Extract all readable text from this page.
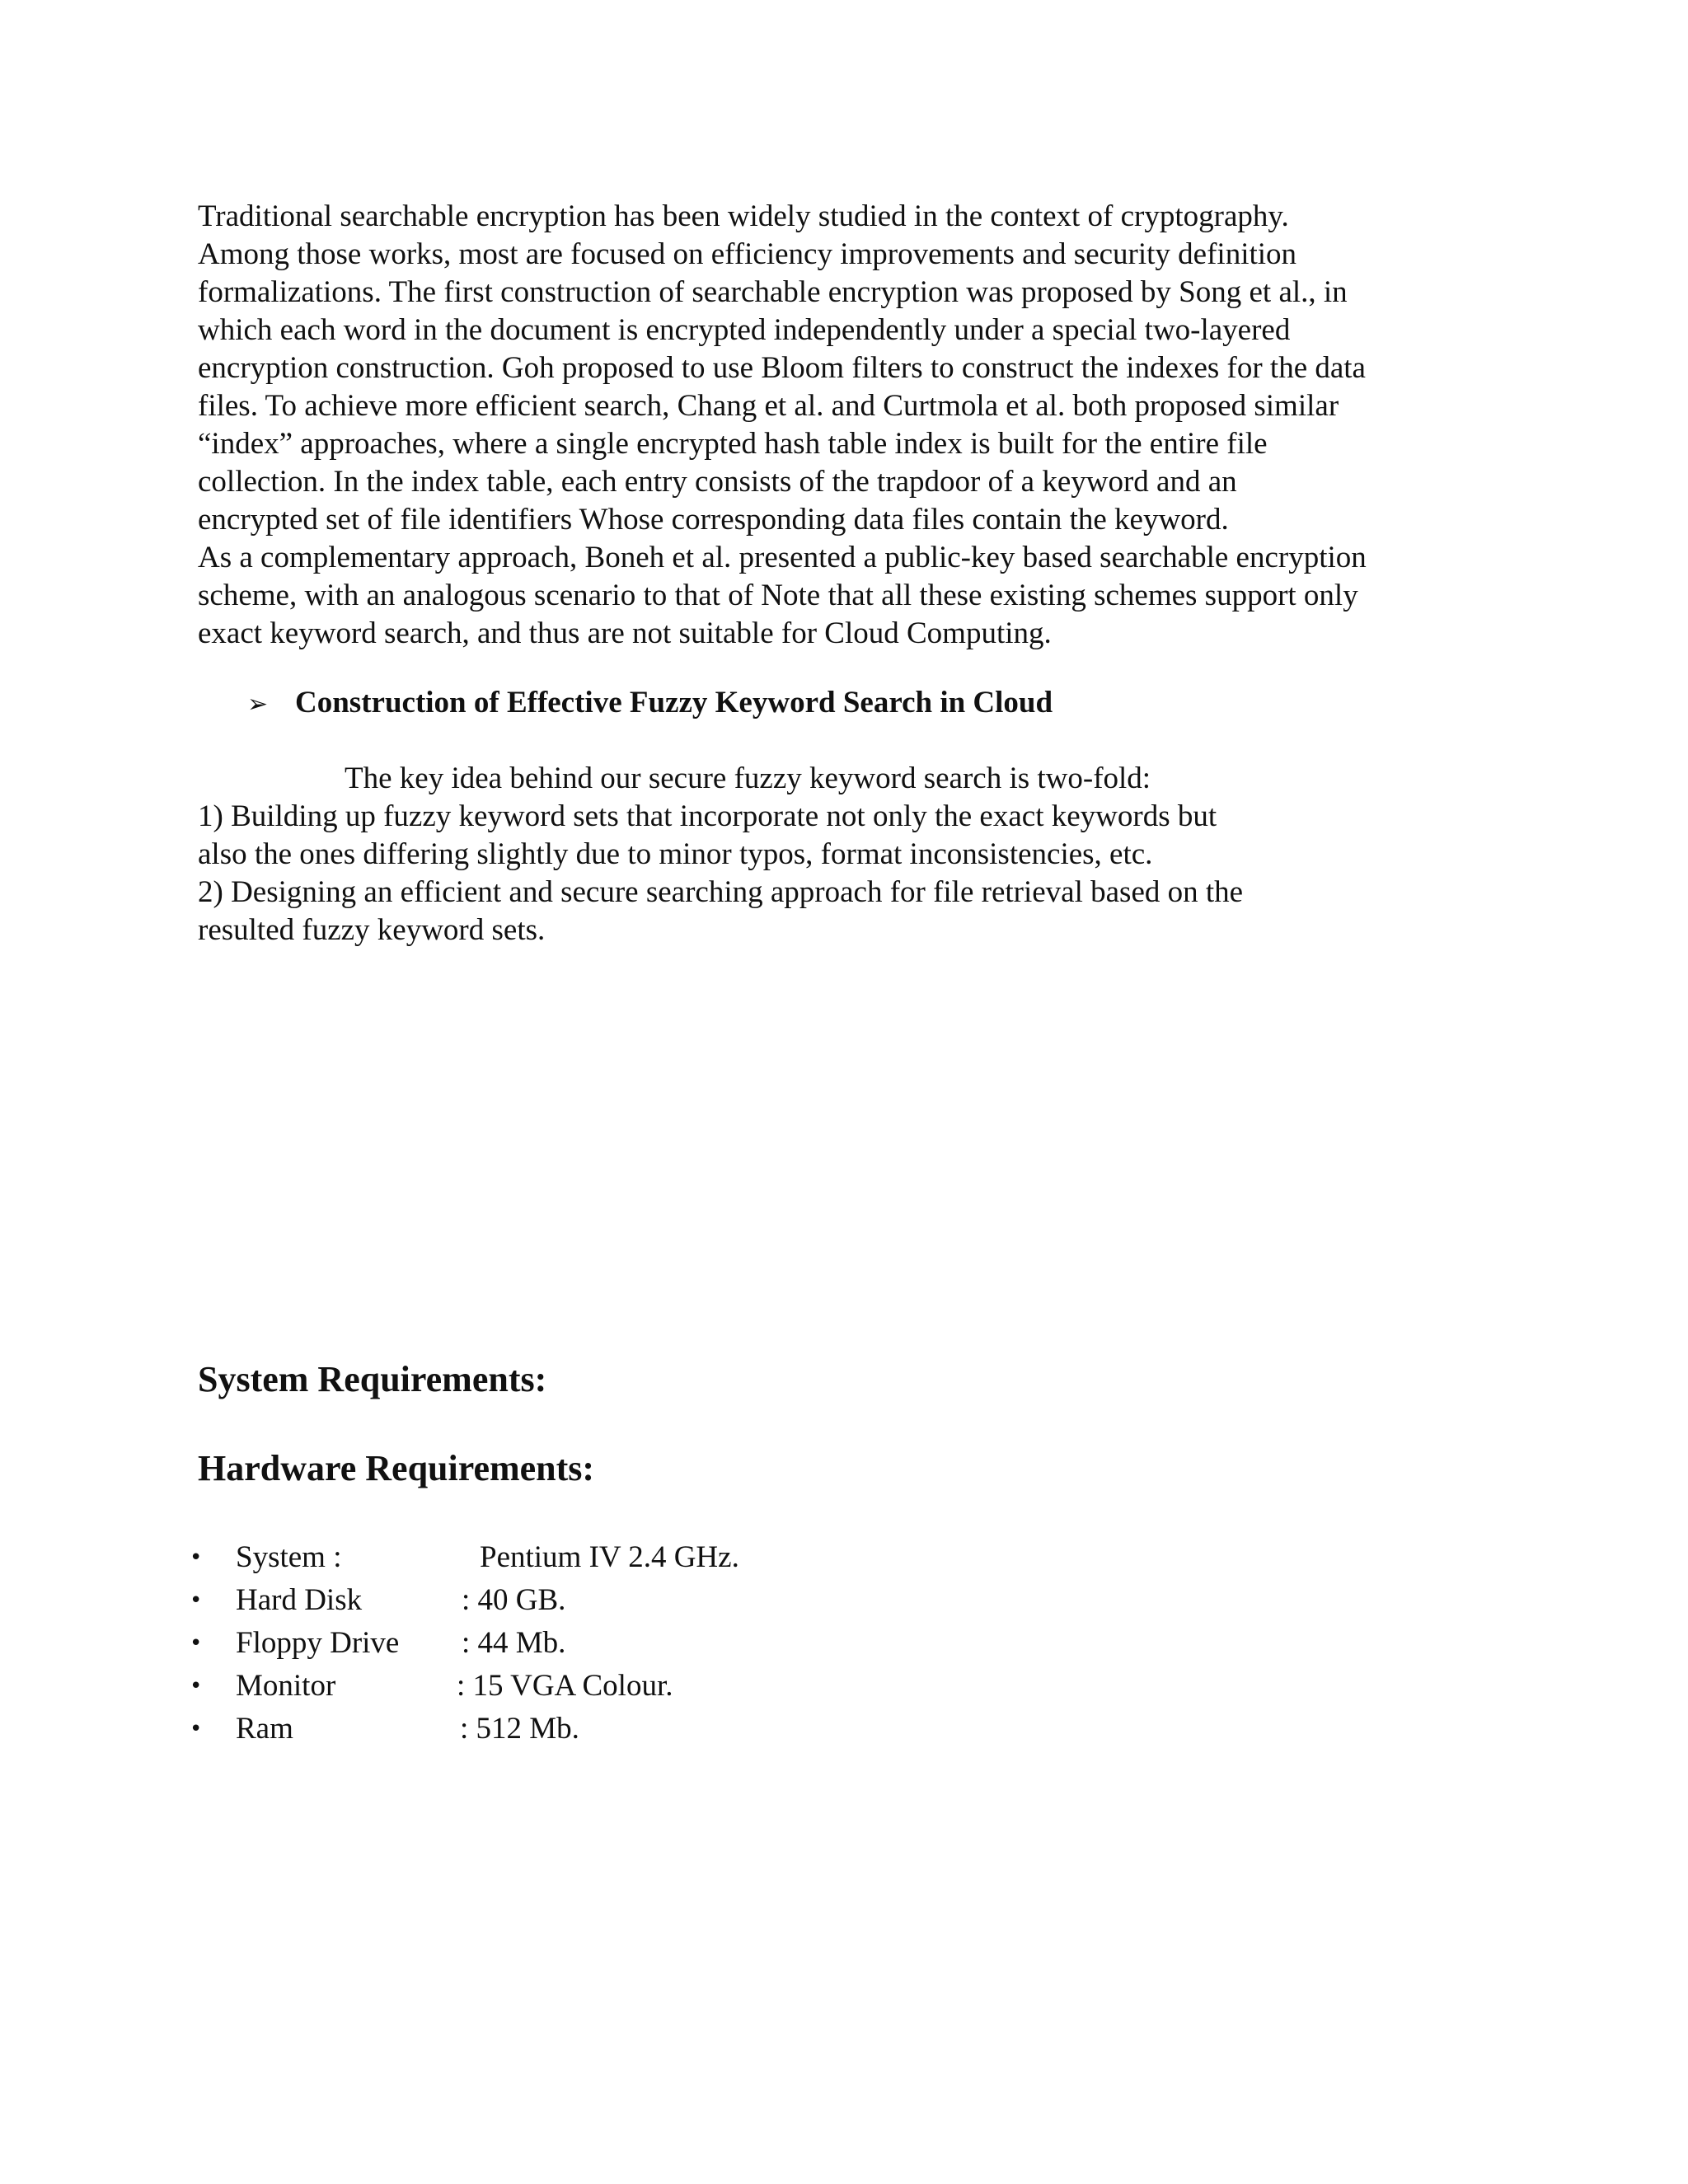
Traditional searchable encryption has been widely studied in the context of cryptography.
Among those works, most are focused on efficiency improvements and security definition
formalizations. The first construction of searchable encryption was proposed by Song et al., in
which each word in the document is encrypted independently under a special two-layered
encryption construction. Goh proposed to use Bloom filters to construct the indexes for the data
files. To achieve more efficient search, Chang et al. and Curtmola et al. both proposed similar
“index” approaches, where a single encrypted hash table index is built for the entire file
collection. In the index table, each entry consists of the trapdoor of a keyword and an
encrypted set of file identifiers Whose corresponding data files contain the keyword.
As a complementary approach, Boneh et al. presented a public-key based searchable encryption
scheme, with an analogous scenario to that of Note that all these existing schemes support only
exact keyword search, and thus are not suitable for Cloud Computing.
➢ Construction of Effective Fuzzy Keyword Search in Cloud
The key idea behind our secure fuzzy keyword search is two-fold:
1) Building up fuzzy keyword sets that incorporate not only the exact keywords but
also the ones differing slightly due to minor typos, format inconsistencies, etc.
2) Designing an efficient and secure searching approach for file retrieval based on the
resulted fuzzy keyword sets.
System Requirements:
Hardware Requirements:
• System :	Pentium IV 2.4 GHz.
• Hard Disk	: 40 GB.
• Floppy Drive : 44 Mb.
• Monitor	: 15 VGA Colour.
• Ram	: 512 Mb.
